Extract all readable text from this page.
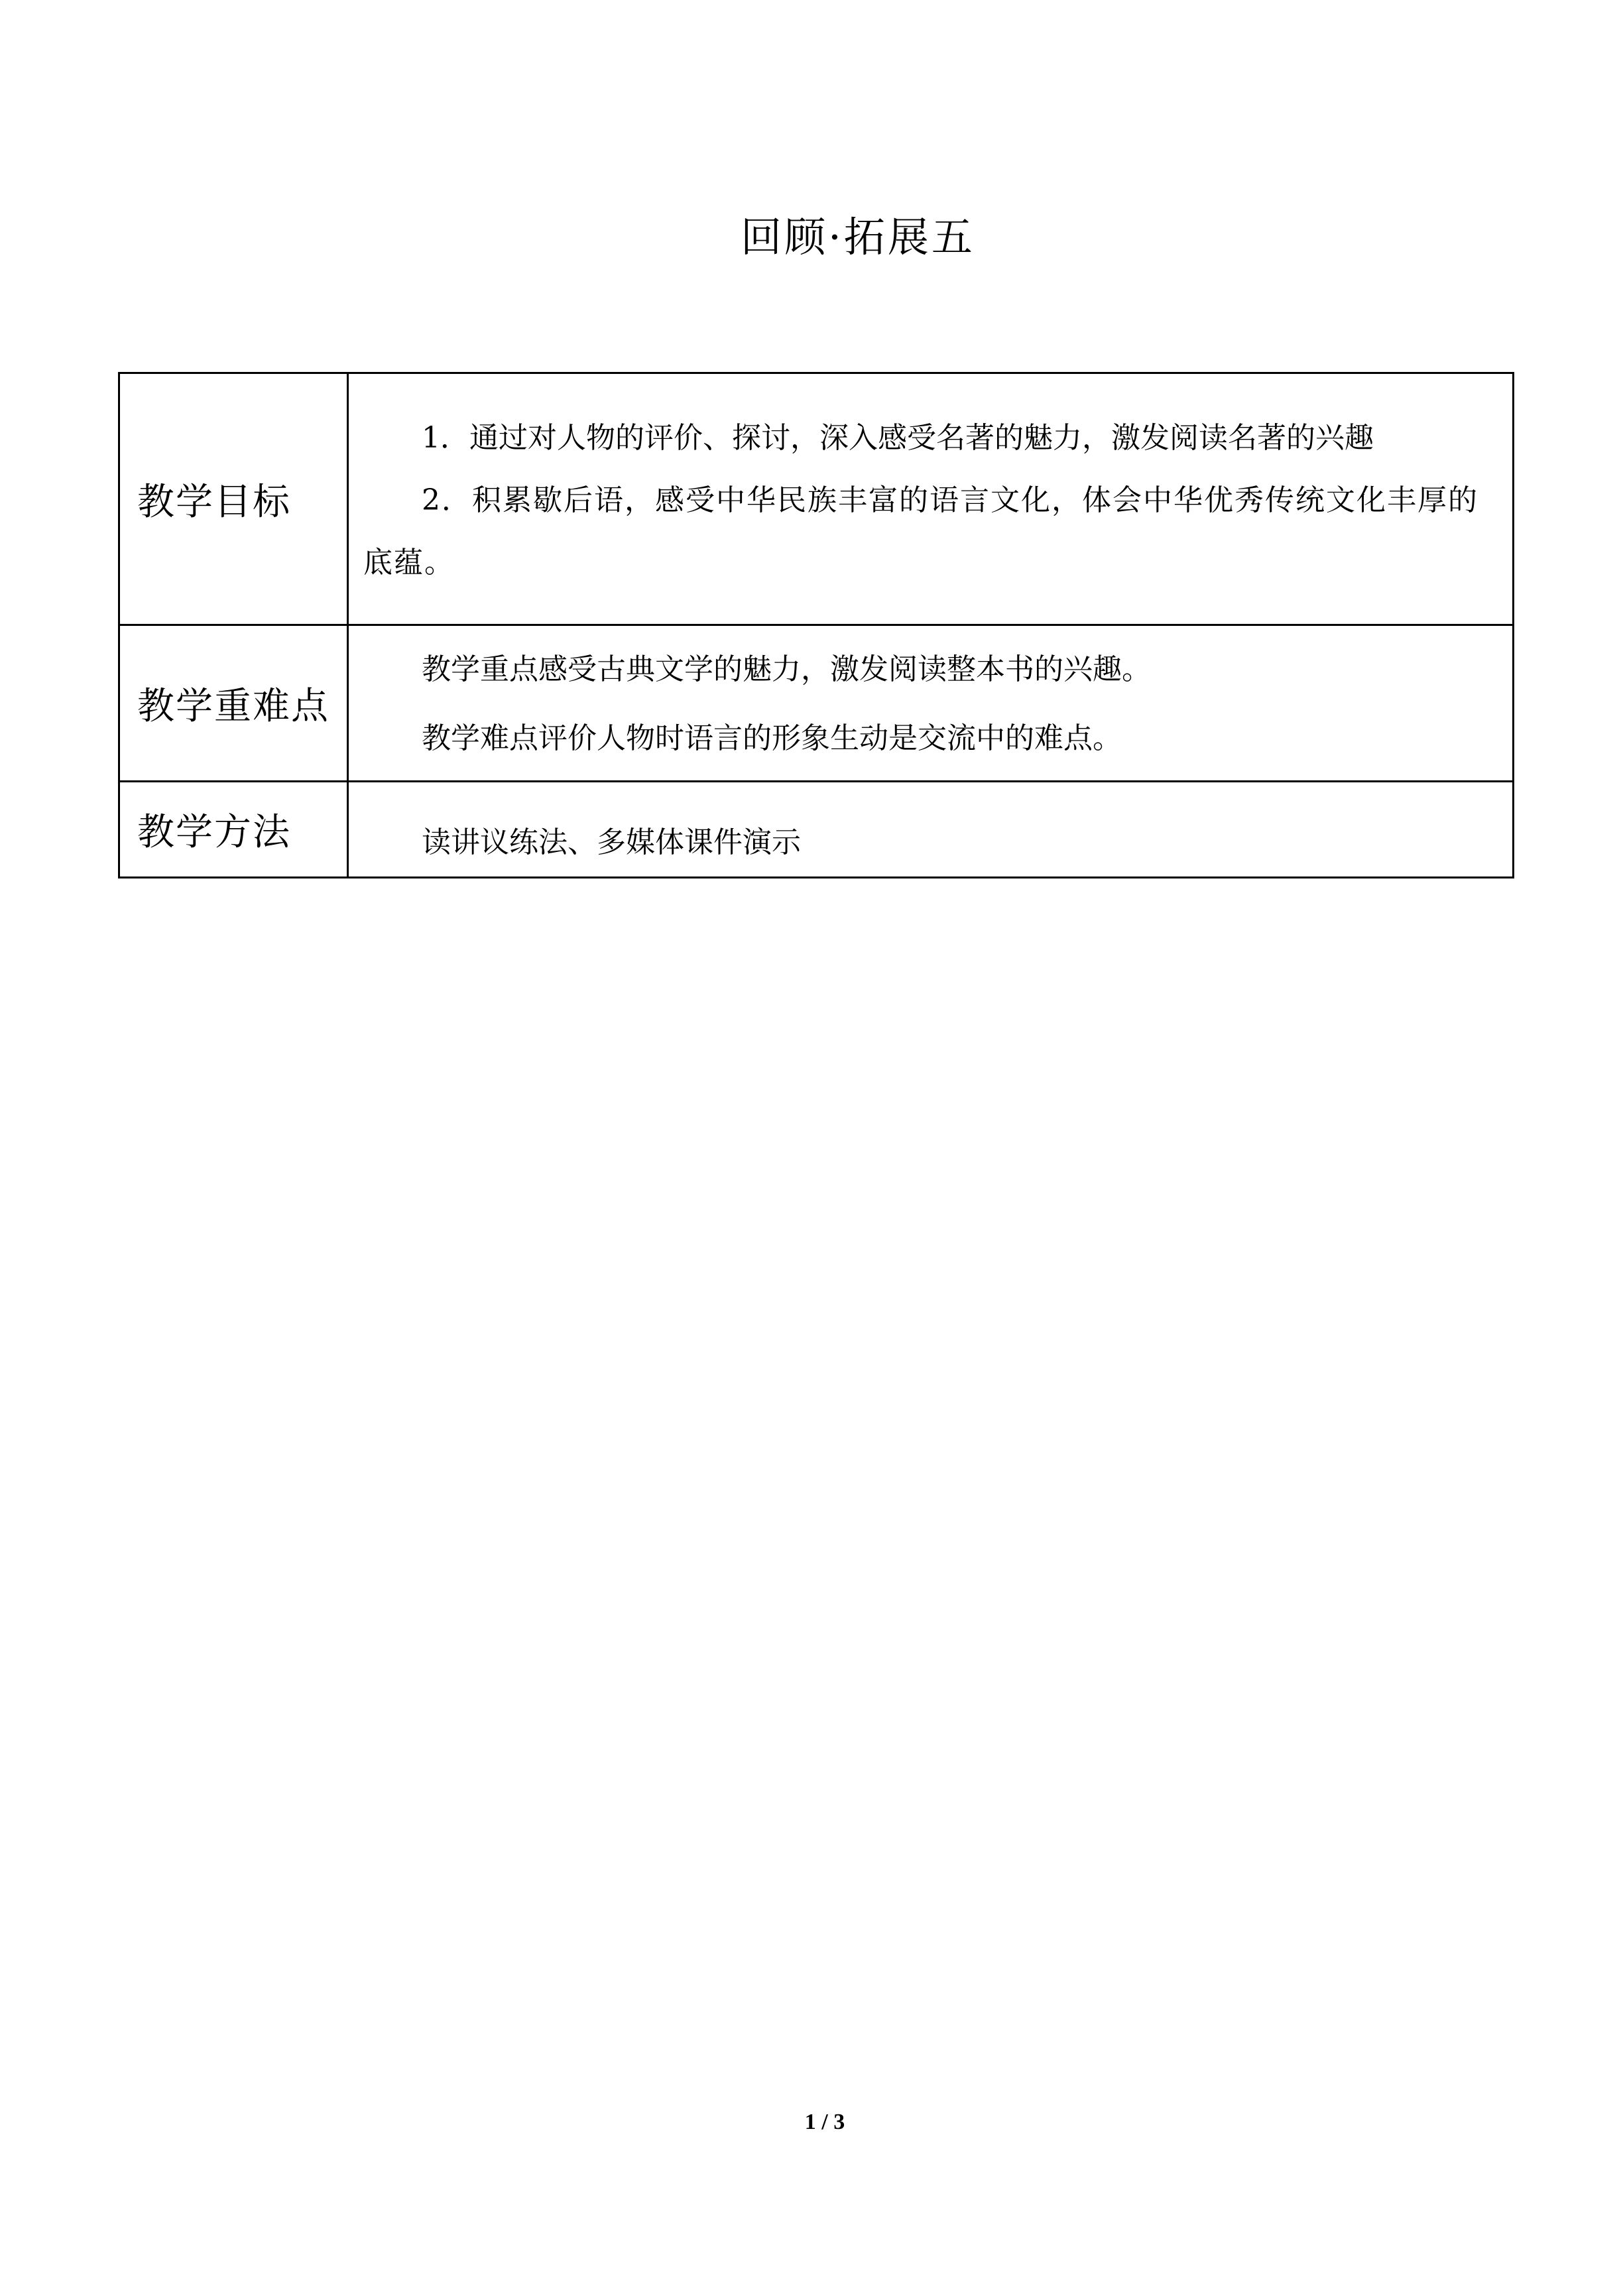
回顾·拓展五
教学目标	1．通过对人物的评价、探讨，深入感受名著的魅力，激发阅读名著的兴趣

2．积累歇后语，感受中华民族丰富的语言文化，体会中华优秀传统文化丰厚的底蕴。

教学重难点	教学重点感受古典文学的魅力，激发阅读整本书的兴趣。

教学难点评价人物时语言的形象生动是交流中的难点。

教学方法	读讲议练法、多媒体课件演示

1 / 3
